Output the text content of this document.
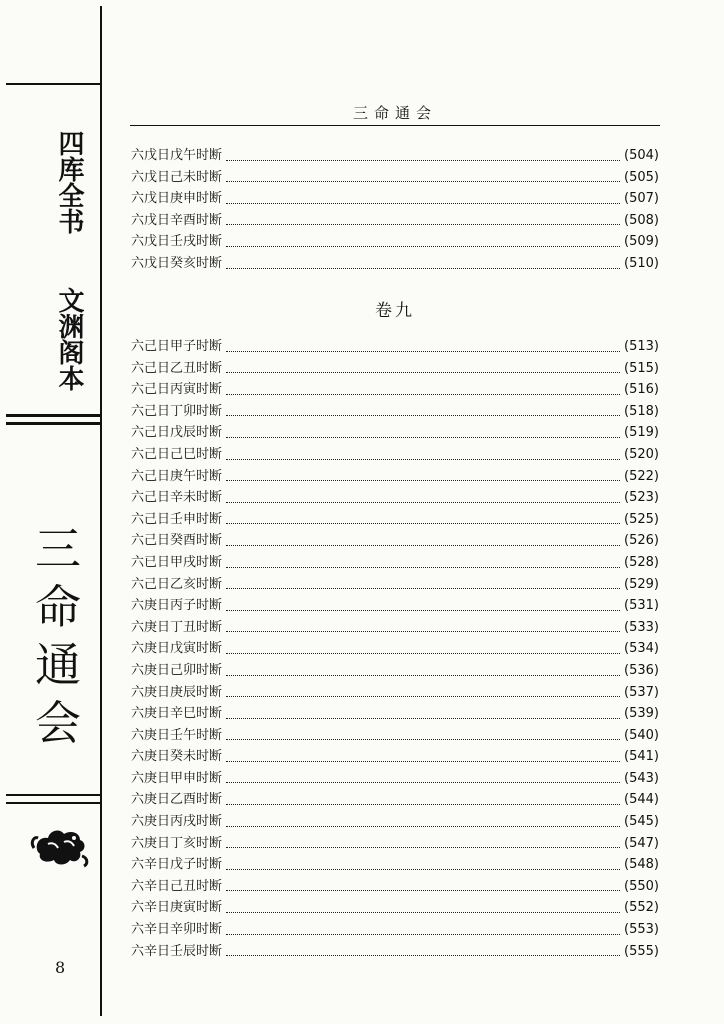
四库全书 文渊阁本
三
命
通
会
8
三命通会
六戊日戊午时断	(504)
六戊日己未时断	(505)
六戊日庚申时断	(507)
六戊日辛酉时断	(508)
六戊日壬戌时断	(509)
六戊日癸亥时断	(510)
卷九
六己日甲子时断	(513)
六己日乙丑时断	(515)
六己日丙寅时断	(516)
六己日丁卯时断	(518)
六己日戊辰时断	(519)
六己日己巳时断	(520)
六己日庚午时断	(522)
六己日辛未时断	(523)
六己日壬申时断	(525)
六己日癸酉时断	(526)
六已日甲戌时断	(528)
六己日乙亥时断	(529)
六庚日丙子时断	(531)
六庚日丁丑时断	(533)
六庚日戊寅时断	(534)
六庚日己卯时断	(536)
六庚日庚辰时断	(537)
六庚日辛巳时断	(539)
六庚日壬午时断	(540)
六庚日癸未时断	(541)
六庚日甲申时断	(543)
六庚日乙酉时断	(544)
六庚日丙戌时断	(545)
六庚日丁亥时断	(547)
六辛日戊子时断	(548)
六辛日己丑时断	(550)
六辛日庚寅时断	(552)
六辛日辛卯时断	(553)
六辛日壬辰时断	(555)
